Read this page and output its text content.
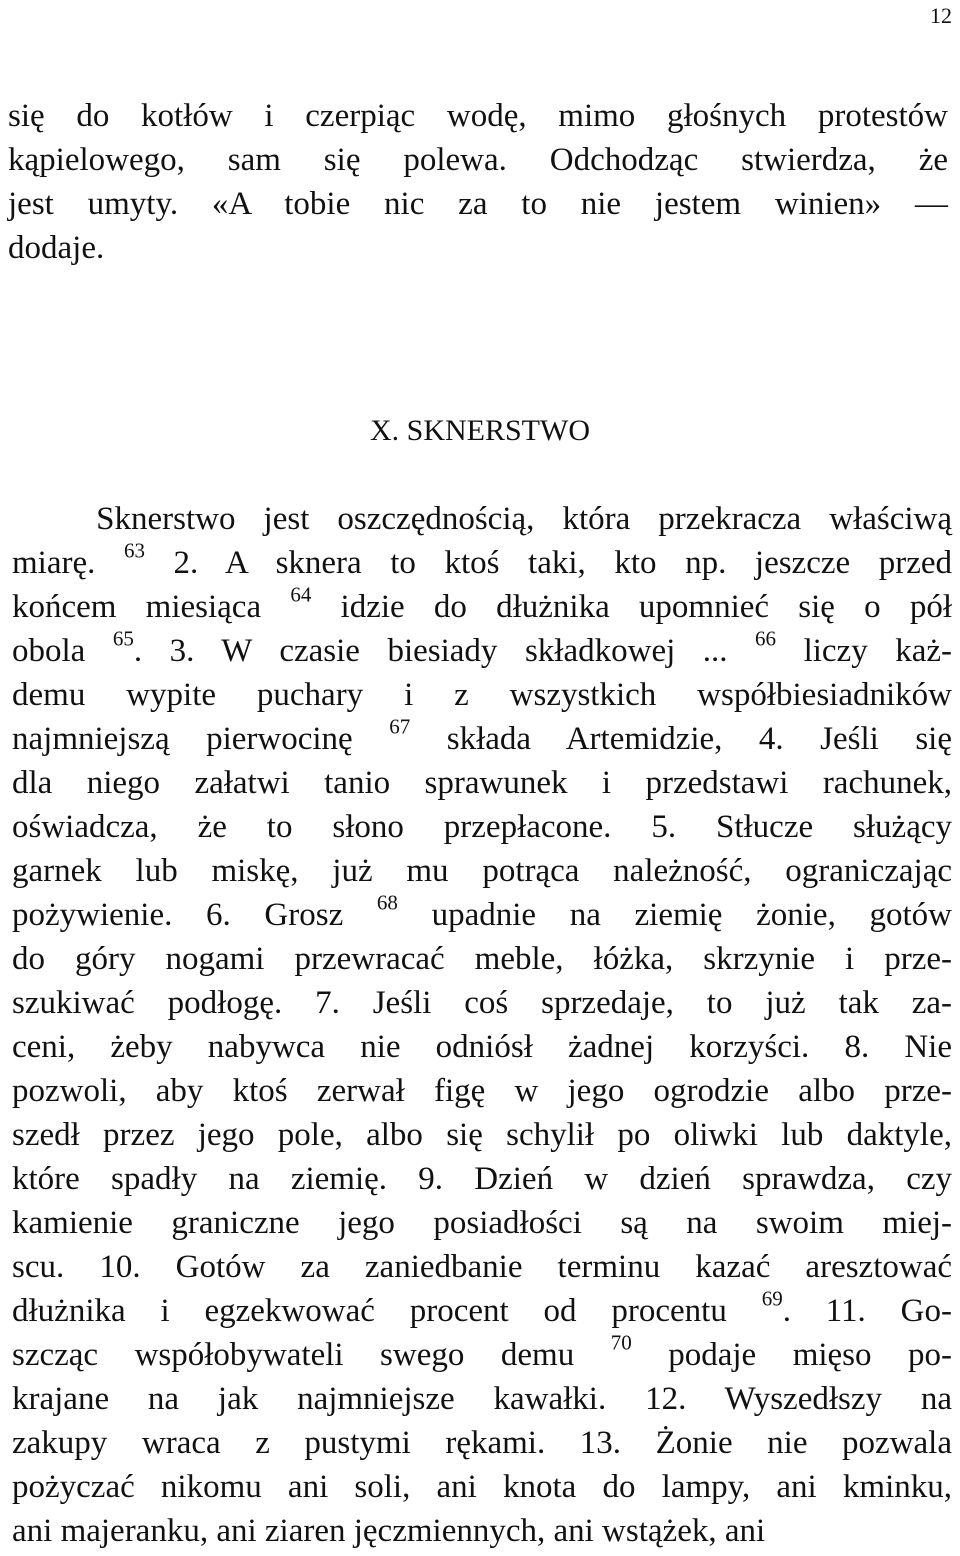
12
się do kotłów i czerpiąc wodę, mimo głośnych protestów
kąpielowego, sam się polewa. Odchodząc stwierdza, że
jest umyty. «A tobie nic za to nie jestem winien» —
dodaje.
X. SKNERSTWO
Sknerstwo jest oszczędnością, która przekracza właściwą
miarę. $^{63}$ 2. A sknera to ktoś taki, kto np. jeszcze przed
końcem miesiąca $^{64}$ idzie do dłużnika upomnieć się o pół
obola $^{65}$. 3. W czasie biesiady składkowej ... $^{66}$ liczy każ-
demu wypite puchary i z wszystkich współbiesiadników
najmniejszą pierwocinę $^{67}$ składa Artemidzie, 4. Jeśli się
dla niego załatwi tanio sprawunek i przedstawi rachunek,
oświadcza, że to słono przepłacone. 5. Stłucze służący
garnek lub miskę, już mu potrąca należność, ograniczając
pożywienie. 6. Grosz $^{68}$ upadnie na ziemię żonie, gotów
do góry nogami przewracać meble, łóżka, skrzynie i prze-
szukiwać podłogę. 7. Jeśli coś sprzedaje, to już tak za-
ceni, żeby nabywca nie odniósł żadnej korzyści. 8. Nie
pozwoli, aby ktoś zerwał figę w jego ogrodzie albo prze-
szedł przez jego pole, albo się schylił po oliwki lub daktyle,
które spadły na ziemię. 9. Dzień w dzień sprawdza, czy
kamienie graniczne jego posiadłości są na swoim miej-
scu. 10. Gotów za zaniedbanie terminu kazać aresztować
dłużnika i egzekwować procent od procentu $^{69}$. 11. Go-
szcząc współobywateli swego demu $^{70}$ podaje mięso po-
krajane na jak najmniejsze kawałki. 12. Wyszedłszy na
zakupy wraca z pustymi rękami. 13. Żonie nie pozwala
pożyczać nikomu ani soli, ani knota do lampy, ani kminku,
ani majeranku, ani ziaren jęczmiennych, ani wstążek, ani
